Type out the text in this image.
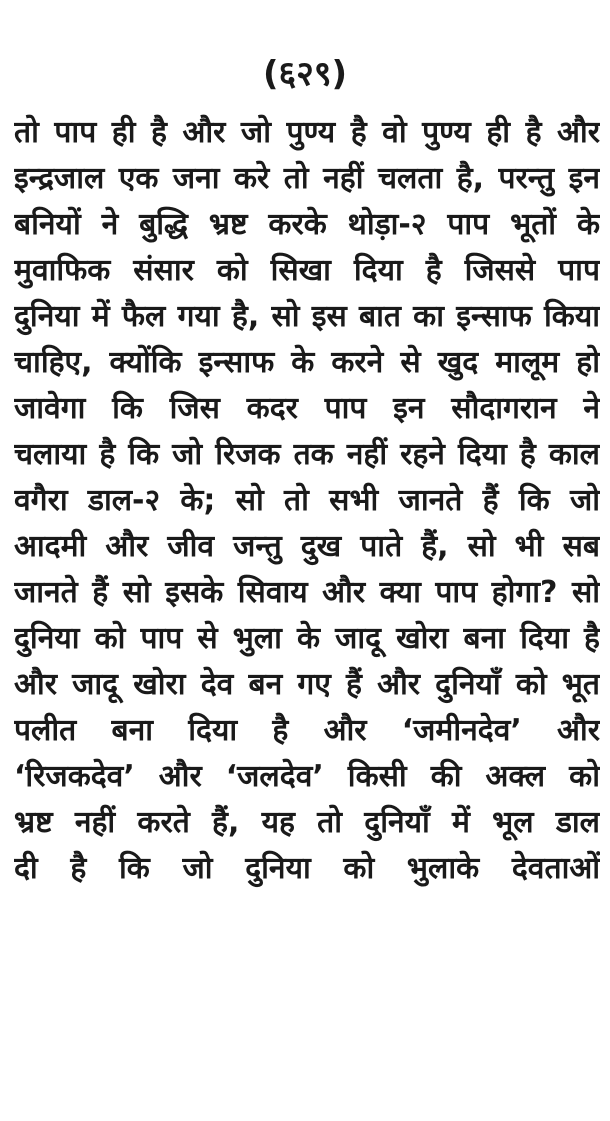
(६२९)
तो पाप ही है और जो पुण्य है वो पुण्य ही है और
इन्द्रजाल एक जना करे तो नहीं चलता है, परन्तु इन
बनियों ने बुद्धि भ्रष्ट करके थोड़ा-२ पाप भूतों के
मुवाफिक संसार को सिखा दिया है जिससे पाप
दुनिया में फैल गया है, सो इस बात का इन्साफ किया
चाहिए, क्योंकि इन्साफ के करने से खुद मालूम हो
जावेगा कि जिस कदर पाप इन सौदागरान ने
चलाया है कि जो रिजक तक नहीं रहने दिया है काल
वगैरा डाल-२ के; सो तो सभी जानते हैं कि जो
आदमी और जीव जन्तु दुख पाते हैं, सो भी सब
जानते हैं सो इसके सिवाय और क्या पाप होगा? सो
दुनिया को पाप से भुला के जादू खोरा बना दिया है
और जादू खोरा देव बन गए हैं और दुनियाँ को भूत
पलीत बना दिया है और ‘जमीनदेव’ और
‘रिजकदेव’ और ‘जलदेव’ किसी की अक्ल को
भ्रष्ट नहीं करते हैं, यह तो दुनियाँ में भूल डाल
दी है कि जो दुनिया को भुलाके देवताओं
